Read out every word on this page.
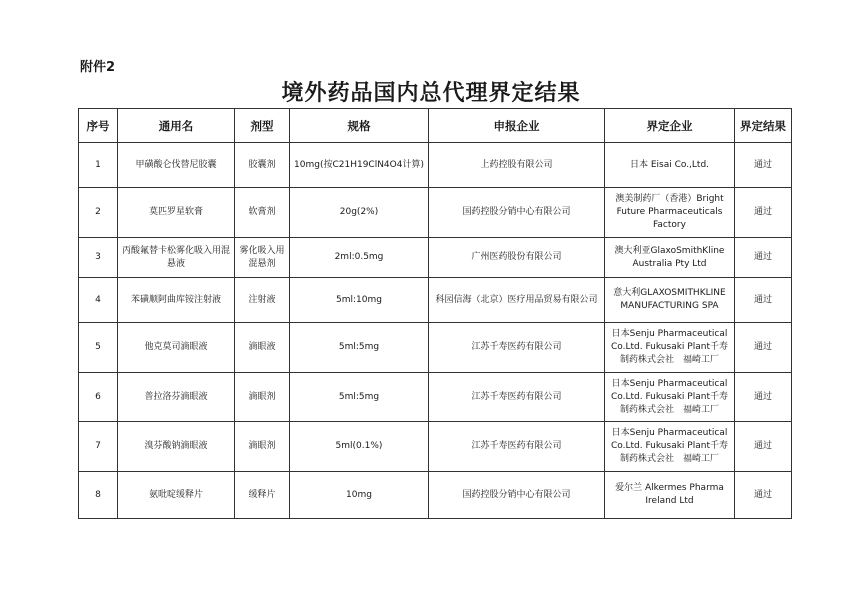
附件2
境外药品国内总代理界定结果
序号	通用名	剂型	规格	申报企业	界定企业	界定结果
1	甲磺酸仑伐替尼胶囊	胶囊剂	10mg(按C21H19ClN4O4计算)	上药控股有限公司	日本 Eisai Co.,Ltd.	通过
2	莫匹罗星软膏	软膏剂	20g(2%)	国药控股分销中心有限公司	澳美制药厂（香港）Bright Future Pharmaceuticals Factory	通过
3	丙酸氟替卡松雾化吸入用混悬液	雾化吸入用混悬剂	2ml:0.5mg	广州医药股份有限公司	澳大利亚GlaxoSmithKline Australia Pty Ltd	通过
4	苯磺顺阿曲库铵注射液	注射液	5ml:10mg	科园信海（北京）医疗用品贸易有限公司	意大利GLAXOSMITHKLINE MANUFACTURING SPA	通过
5	他克莫司滴眼液	滴眼液	5ml:5mg	江苏千寿医药有限公司	日本Senju Pharmaceutical Co.Ltd. Fukusaki Plant千寿制药株式会社　福崎工厂	通过
6	普拉洛芬滴眼液	滴眼剂	5ml:5mg	江苏千寿医药有限公司	日本Senju Pharmaceutical Co.Ltd. Fukusaki Plant千寿制药株式会社　福崎工厂	通过
7	溴芬酸钠滴眼液	滴眼剂	5ml(0.1%)	江苏千寿医药有限公司	日本Senju Pharmaceutical Co.Ltd. Fukusaki Plant千寿制药株式会社　福崎工厂	通过
8	氨吡啶缓释片	缓释片	10mg	国药控股分销中心有限公司	爱尔兰 Alkermes Pharma Ireland Ltd	通过
